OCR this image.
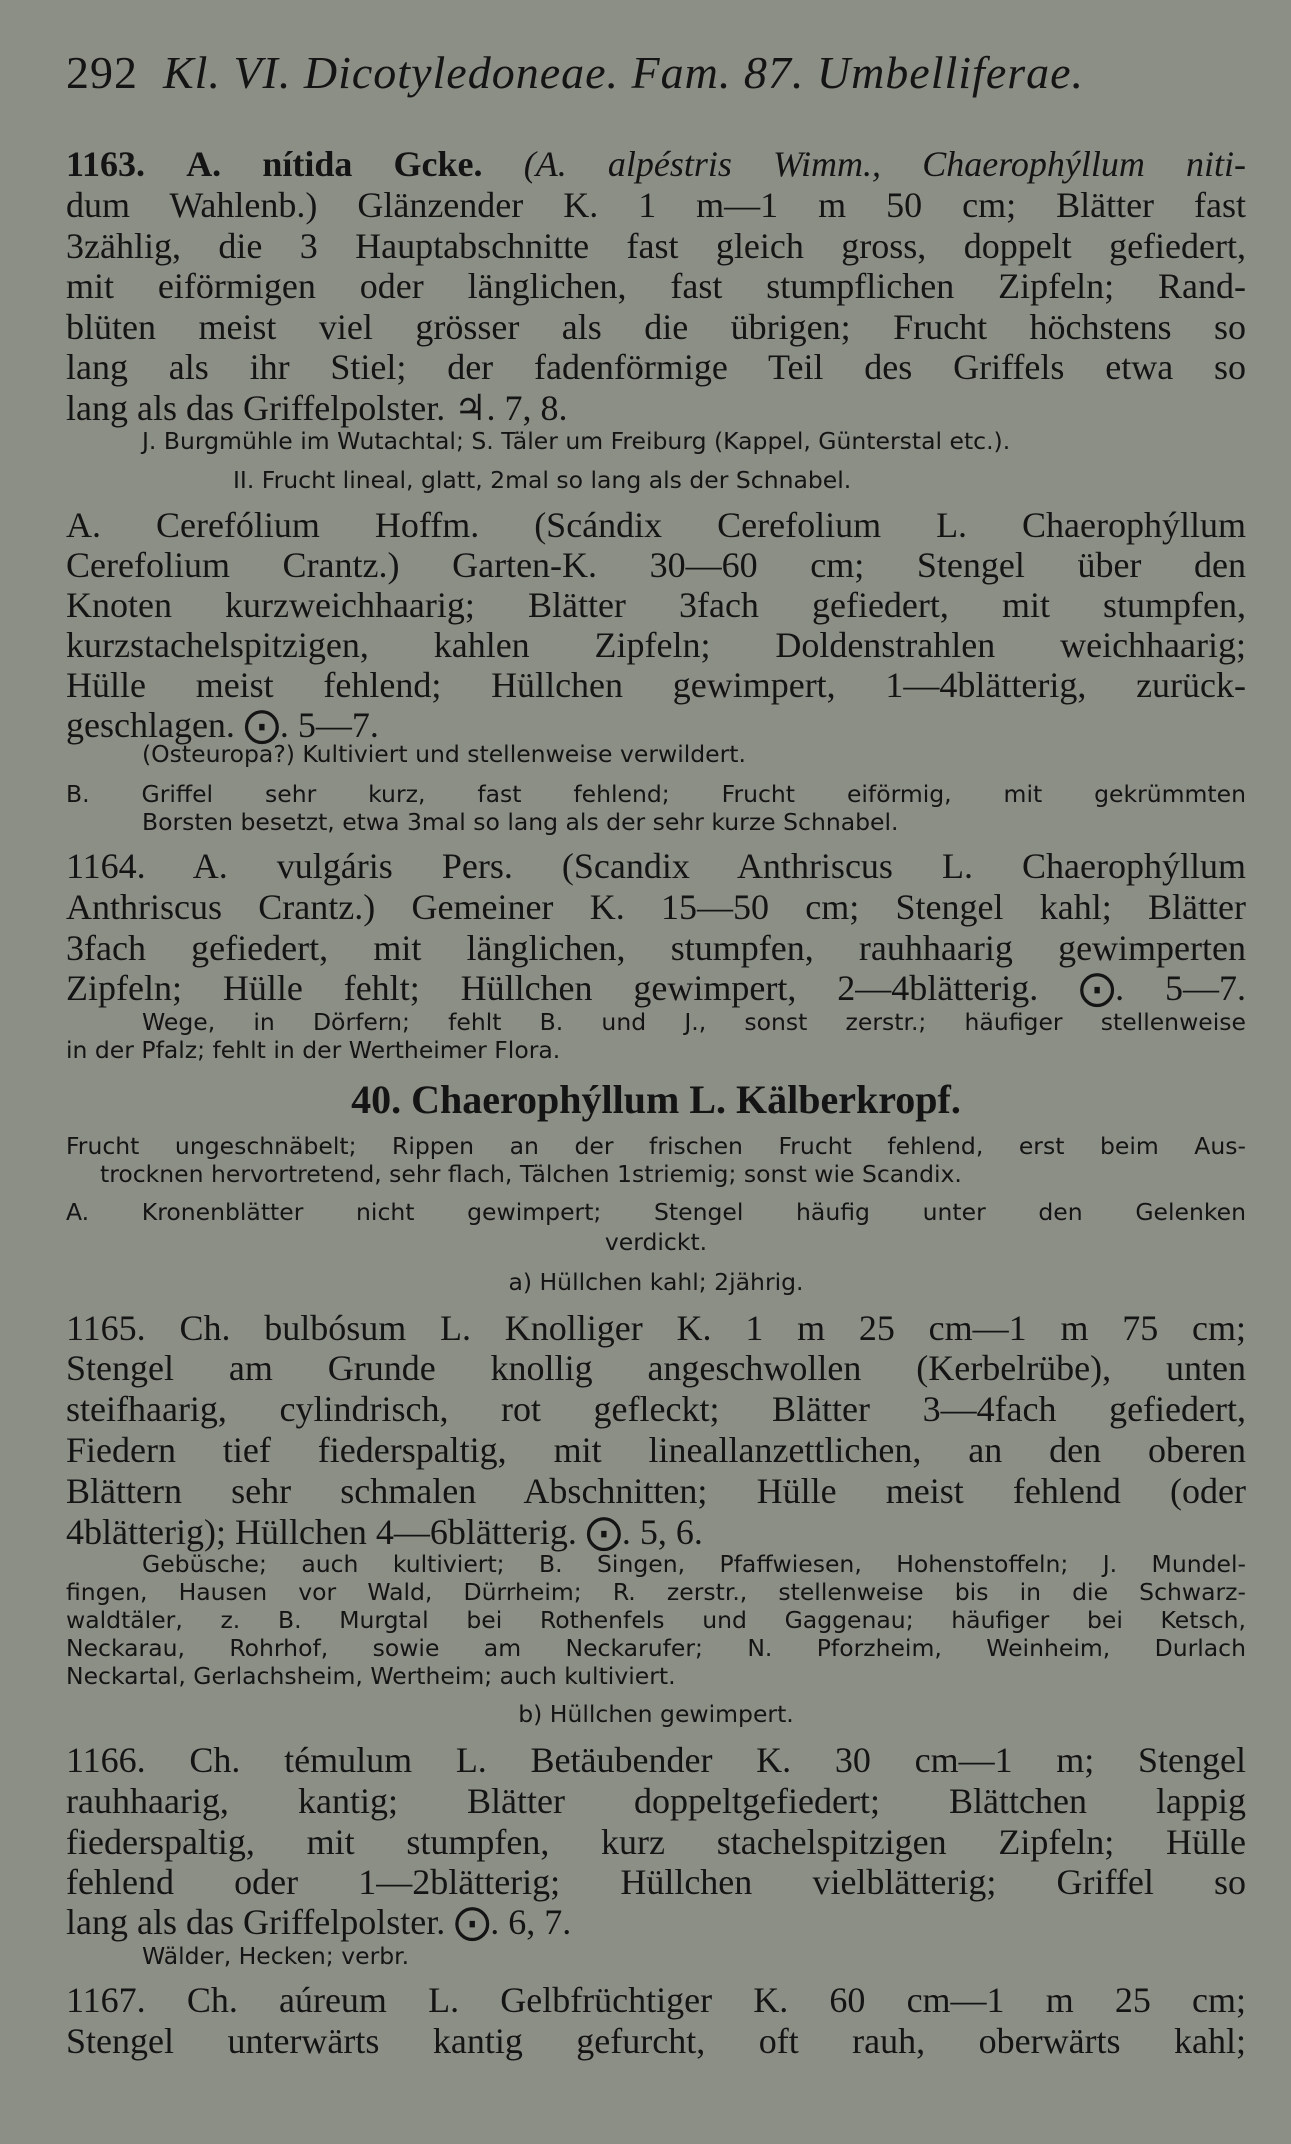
292 Kl. VI. Dicotyledoneae. Fam. 87. Umbelliferae.
1163. A. nítida Gcke. (A. alpéstris Wimm., Chaerophýllum niti-
dum Wahlenb.) Glänzender K. 1 m—1 m 50 cm; Blätter fast
3zählig, die 3 Hauptabschnitte fast gleich gross, doppelt gefiedert,
mit eiförmigen oder länglichen, fast stumpflichen Zipfeln; Rand-
blüten meist viel grösser als die übrigen; Frucht höchstens so
lang als ihr Stiel; der fadenförmige Teil des Griffels etwa so
lang als das Griffelpolster. ♃. 7, 8.
J. Burgmühle im Wutachtal; S. Täler um Freiburg (Kappel, Günterstal etc.).
II. Frucht lineal, glatt, 2mal so lang als der Schnabel.
A. Cerefólium Hoffm. (Scándix Cerefolium L. Chaerophýllum
Cerefolium Crantz.) Garten-K. 30—60 cm; Stengel über den
Knoten kurzweichhaarig; Blätter 3fach gefiedert, mit stumpfen,
kurzstachelspitzigen, kahlen Zipfeln; Doldenstrahlen weichhaarig;
Hülle meist fehlend; Hüllchen gewimpert, 1—4blätterig, zurück-
geschlagen. ⨀. 5—7.
(Osteuropa?) Kultiviert und stellenweise verwildert.
B. Griffel sehr kurz, fast fehlend; Frucht eiförmig, mit gekrümmten
Borsten besetzt, etwa 3mal so lang als der sehr kurze Schnabel.
1164. A. vulgáris Pers. (Scandix Anthriscus L. Chaerophýllum
Anthriscus Crantz.) Gemeiner K. 15—50 cm; Stengel kahl; Blätter
3fach gefiedert, mit länglichen, stumpfen, rauhhaarig gewimperten
Zipfeln; Hülle fehlt; Hüllchen gewimpert, 2—4blätterig. ⨀. 5—7.
Wege, in Dörfern; fehlt B. und J., sonst zerstr.; häufiger stellenweise
in der Pfalz; fehlt in der Wertheimer Flora.
40. Chaerophýllum L. Kälberkropf.
Frucht ungeschnäbelt; Rippen an der frischen Frucht fehlend, erst beim Aus-
trocknen hervortretend, sehr flach, Tälchen 1striemig; sonst wie Scandix.
A. Kronenblätter nicht gewimpert; Stengel häufig unter den Gelenken
verdickt.
a) Hüllchen kahl; 2jährig.
1165. Ch. bulbósum L. Knolliger K. 1 m 25 cm—1 m 75 cm;
Stengel am Grunde knollig angeschwollen (Kerbelrübe), unten
steifhaarig, cylindrisch, rot gefleckt; Blätter 3—4fach gefiedert,
Fiedern tief fiederspaltig, mit lineallanzettlichen, an den oberen
Blättern sehr schmalen Abschnitten; Hülle meist fehlend (oder
4blätterig); Hüllchen 4—6blätterig. ⨀. 5, 6.
Gebüsche; auch kultiviert; B. Singen, Pfaffwiesen, Hohenstoffeln; J. Mundel-
fingen, Hausen vor Wald, Dürrheim; R. zerstr., stellenweise bis in die Schwarz-
waldtäler, z. B. Murgtal bei Rothenfels und Gaggenau; häufiger bei Ketsch,
Neckarau, Rohrhof, sowie am Neckarufer; N. Pforzheim, Weinheim, Durlach
Neckartal, Gerlachsheim, Wertheim; auch kultiviert.
b) Hüllchen gewimpert.
1166. Ch. témulum L. Betäubender K. 30 cm—1 m; Stengel
rauhhaarig, kantig; Blätter doppeltgefiedert; Blättchen lappig
fiederspaltig, mit stumpfen, kurz stachelspitzigen Zipfeln; Hülle
fehlend oder 1—2blätterig; Hüllchen vielblätterig; Griffel so
lang als das Griffelpolster. ⨀. 6, 7.
Wälder, Hecken; verbr.
1167. Ch. aúreum L. Gelbfrüchtiger K. 60 cm—1 m 25 cm;
Stengel unterwärts kantig gefurcht, oft rauh, oberwärts kahl;
